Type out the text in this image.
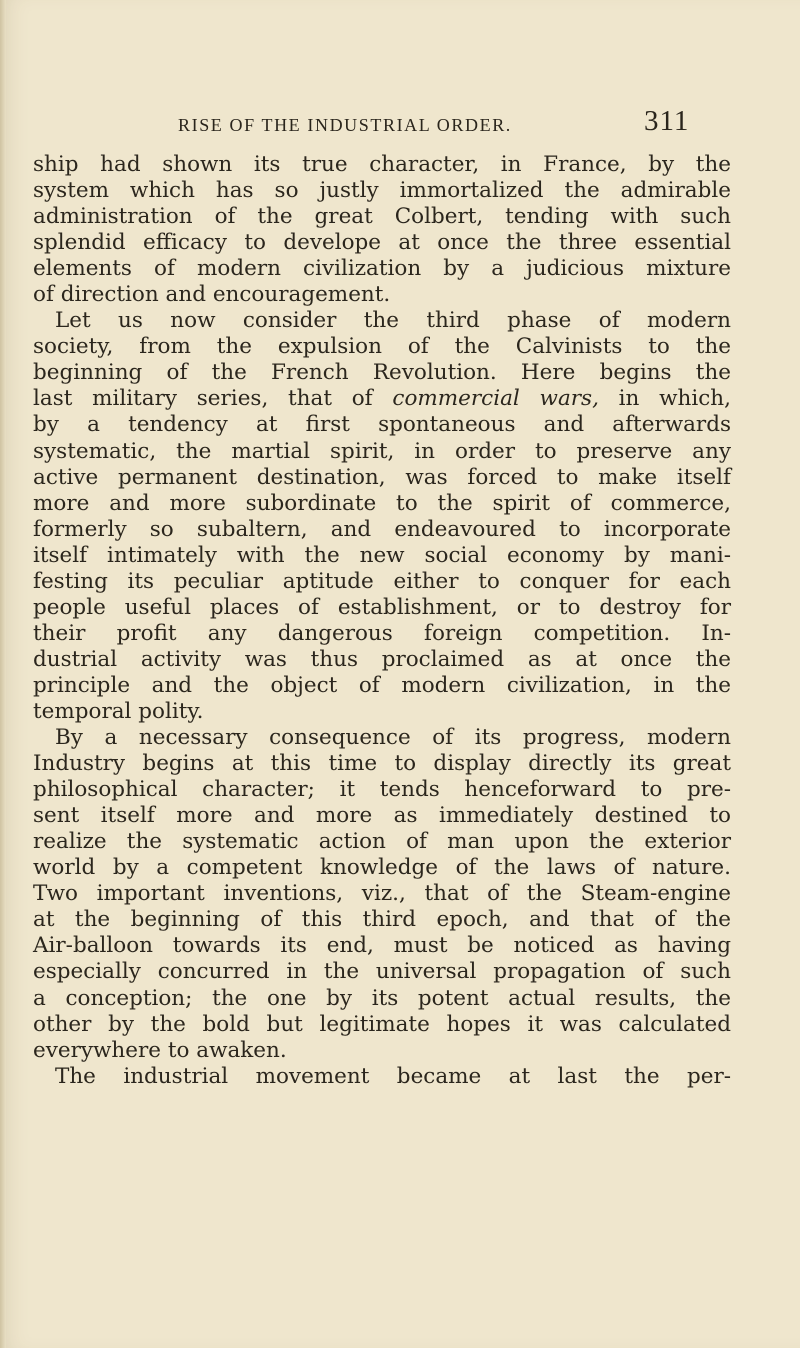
RISE OF THE INDUSTRIAL ORDER.	311
ship had shown its true character, in France, by the
system which has so justly immortalized the admirable
administration of the great Colbert, tending with such
splendid efficacy to develope at once the three essential
elements of modern civilization by a judicious mixture
of direction and encouragement.
Let us now consider the third phase of modern
society, from the expulsion of the Calvinists to the
beginning of the French Revolution. Here begins the
last military series, that of commercial wars, in which,
by a tendency at first spontaneous and afterwards
systematic, the martial spirit, in order to preserve any
active permanent destination, was forced to make itself
more and more subordinate to the spirit of commerce,
formerly so subaltern, and endeavoured to incorporate
itself intimately with the new social economy by mani-
festing its peculiar aptitude either to conquer for each
people useful places of establishment, or to destroy for
their profit any dangerous foreign competition. In-
dustrial activity was thus proclaimed as at once the
principle and the object of modern civilization, in the
temporal polity.
By a necessary consequence of its progress, modern
Industry begins at this time to display directly its great
philosophical character; it tends henceforward to pre-
sent itself more and more as immediately destined to
realize the systematic action of man upon the exterior
world by a competent knowledge of the laws of nature.
Two important inventions, viz., that of the Steam-engine
at the beginning of this third epoch, and that of the
Air-balloon towards its end, must be noticed as having
especially concurred in the universal propagation of such
a conception; the one by its potent actual results, the
other by the bold but legitimate hopes it was calculated
everywhere to awaken.
The industrial movement became at last the per-
